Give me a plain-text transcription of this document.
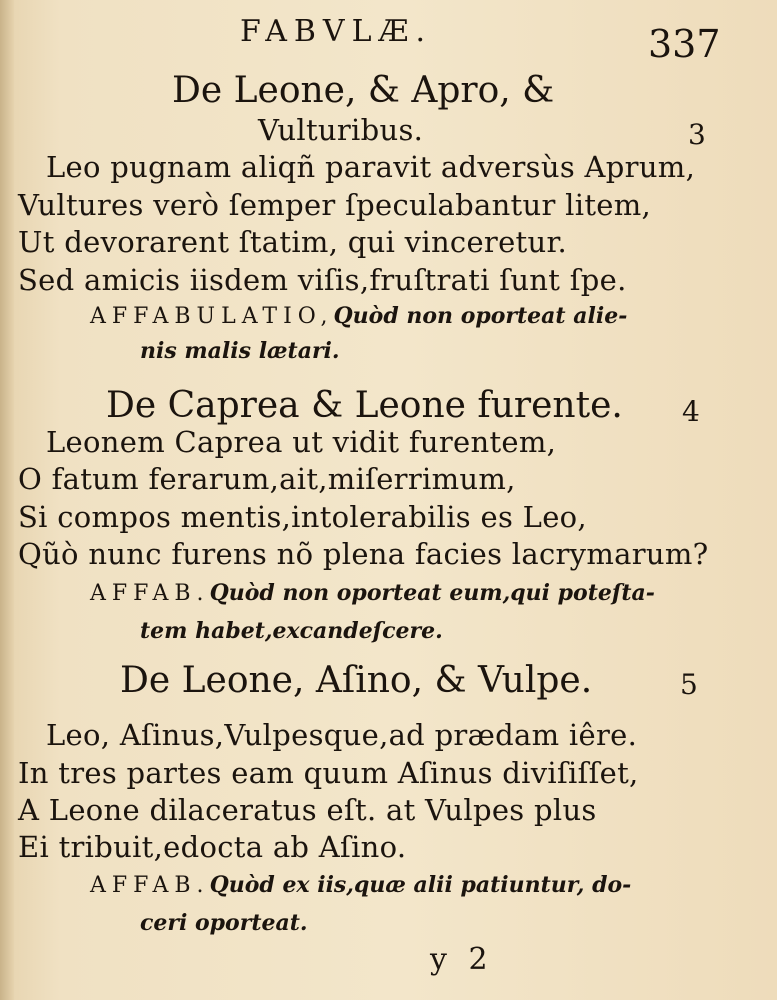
FABVLÆ.	337
De Leone, & Apro, &
Vulturibus.	3
Leo pugnam aliqñ paravit adversùs Aprum,
Vultures verò ſemper ſpeculabantur litem,
Ut devorarent ſtatim, qui vinceretur.
Sed amicis iisdem viſis,fruſtrati ſunt ſpe.
AFFABULATIO,Quòd non oporteat alie-
nis malis lætari.
De Caprea & Leone furente. 4
Leonem Caprea ut vidit furentem,
O fatum ferarum,ait,miſerrimum,
Si compos mentis,intolerabilis es Leo,
Qũò nunc furens nõ plena facies lacrymarum?
AFFAB.Quòd non oporteat eum,qui poteſta-
tem habet,excandeſcere.
De Leone, Aſino, & Vulpe.	5
Leo, Aſinus,Vulpesque,ad prædam iêre.
In tres partes eam quum Aſinus diviſiſſet,
A Leone dilaceratus eſt. at Vulpes plus
Ei tribuit,edocta ab Aſino.
AFFAB.Quòd ex iis,quæ alii patiuntur, do-
ceri oporteat.
y 2
